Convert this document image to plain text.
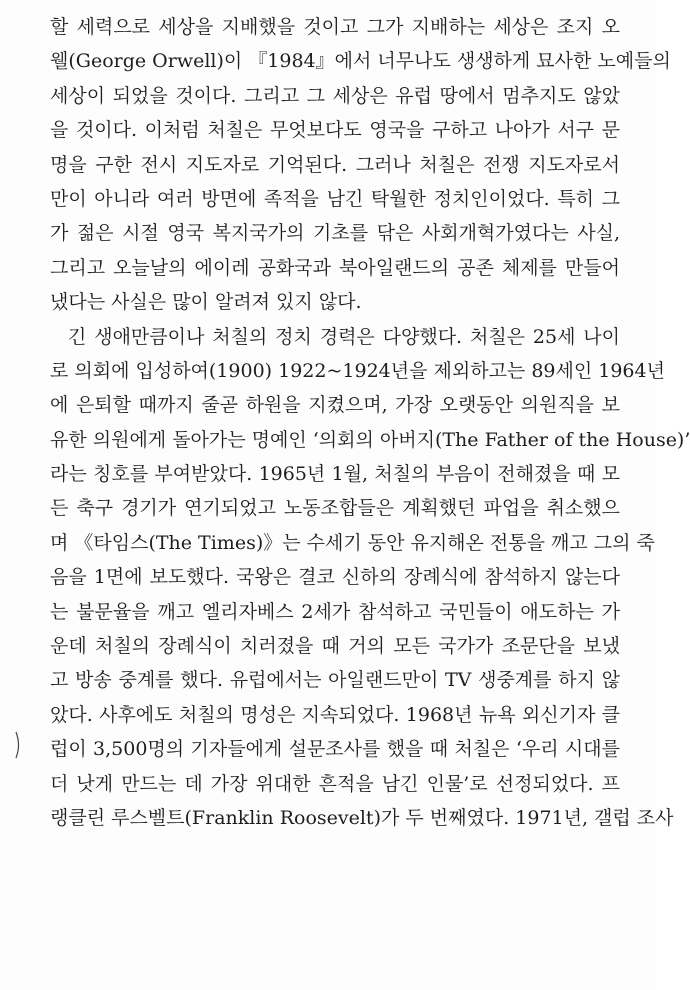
할 세력으로 세상을 지배했을 것이고 그가 지배하는 세상은 조지 오
웰(George Orwell)이 『1984』에서 너무나도 생생하게 묘사한 노예들의
세상이 되었을 것이다. 그리고 그 세상은 유럽 땅에서 멈추지도 않았
을 것이다. 이처럼 처칠은 무엇보다도 영국을 구하고 나아가 서구 문
명을 구한 전시 지도자로 기억된다. 그러나 처칠은 전쟁 지도자로서
만이 아니라 여러 방면에 족적을 남긴 탁월한 정치인이었다. 특히 그
가 젊은 시절 영국 복지국가의 기초를 닦은 사회개혁가였다는 사실,
그리고 오늘날의 에이레 공화국과 북아일랜드의 공존 체제를 만들어
냈다는 사실은 많이 알려져 있지 않다.
긴 생애만큼이나 처칠의 정치 경력은 다양했다. 처칠은 25세 나이
로 의회에 입성하여(1900) 1922~1924년을 제외하고는 89세인 1964년
에 은퇴할 때까지 줄곧 하원을 지켰으며, 가장 오랫동안 의원직을 보
유한 의원에게 돌아가는 명예인 ‘의회의 아버지(The Father of the House)’
라는 칭호를 부여받았다. 1965년 1월, 처칠의 부음이 전해졌을 때 모
든 축구 경기가 연기되었고 노동조합들은 계획했던 파업을 취소했으
며 《타임스(The Times)》는 수세기 동안 유지해온 전통을 깨고 그의 죽
음을 1면에 보도했다. 국왕은 결코 신하의 장례식에 참석하지 않는다
는 불문율을 깨고 엘리자베스 2세가 참석하고 국민들이 애도하는 가
운데 처칠의 장례식이 치러졌을 때 거의 모든 국가가 조문단을 보냈
고 방송 중계를 했다. 유럽에서는 아일랜드만이 TV 생중계를 하지 않
았다. 사후에도 처칠의 명성은 지속되었다. 1968년 뉴욕 외신기자 클
럽이 3,500명의 기자들에게 설문조사를 했을 때 처칠은 ‘우리 시대를
더 낫게 만드는 데 가장 위대한 흔적을 남긴 인물’로 선정되었다. 프
랭클린 루스벨트(Franklin Roosevelt)가 두 번째였다. 1971년, 갤럽 조사
